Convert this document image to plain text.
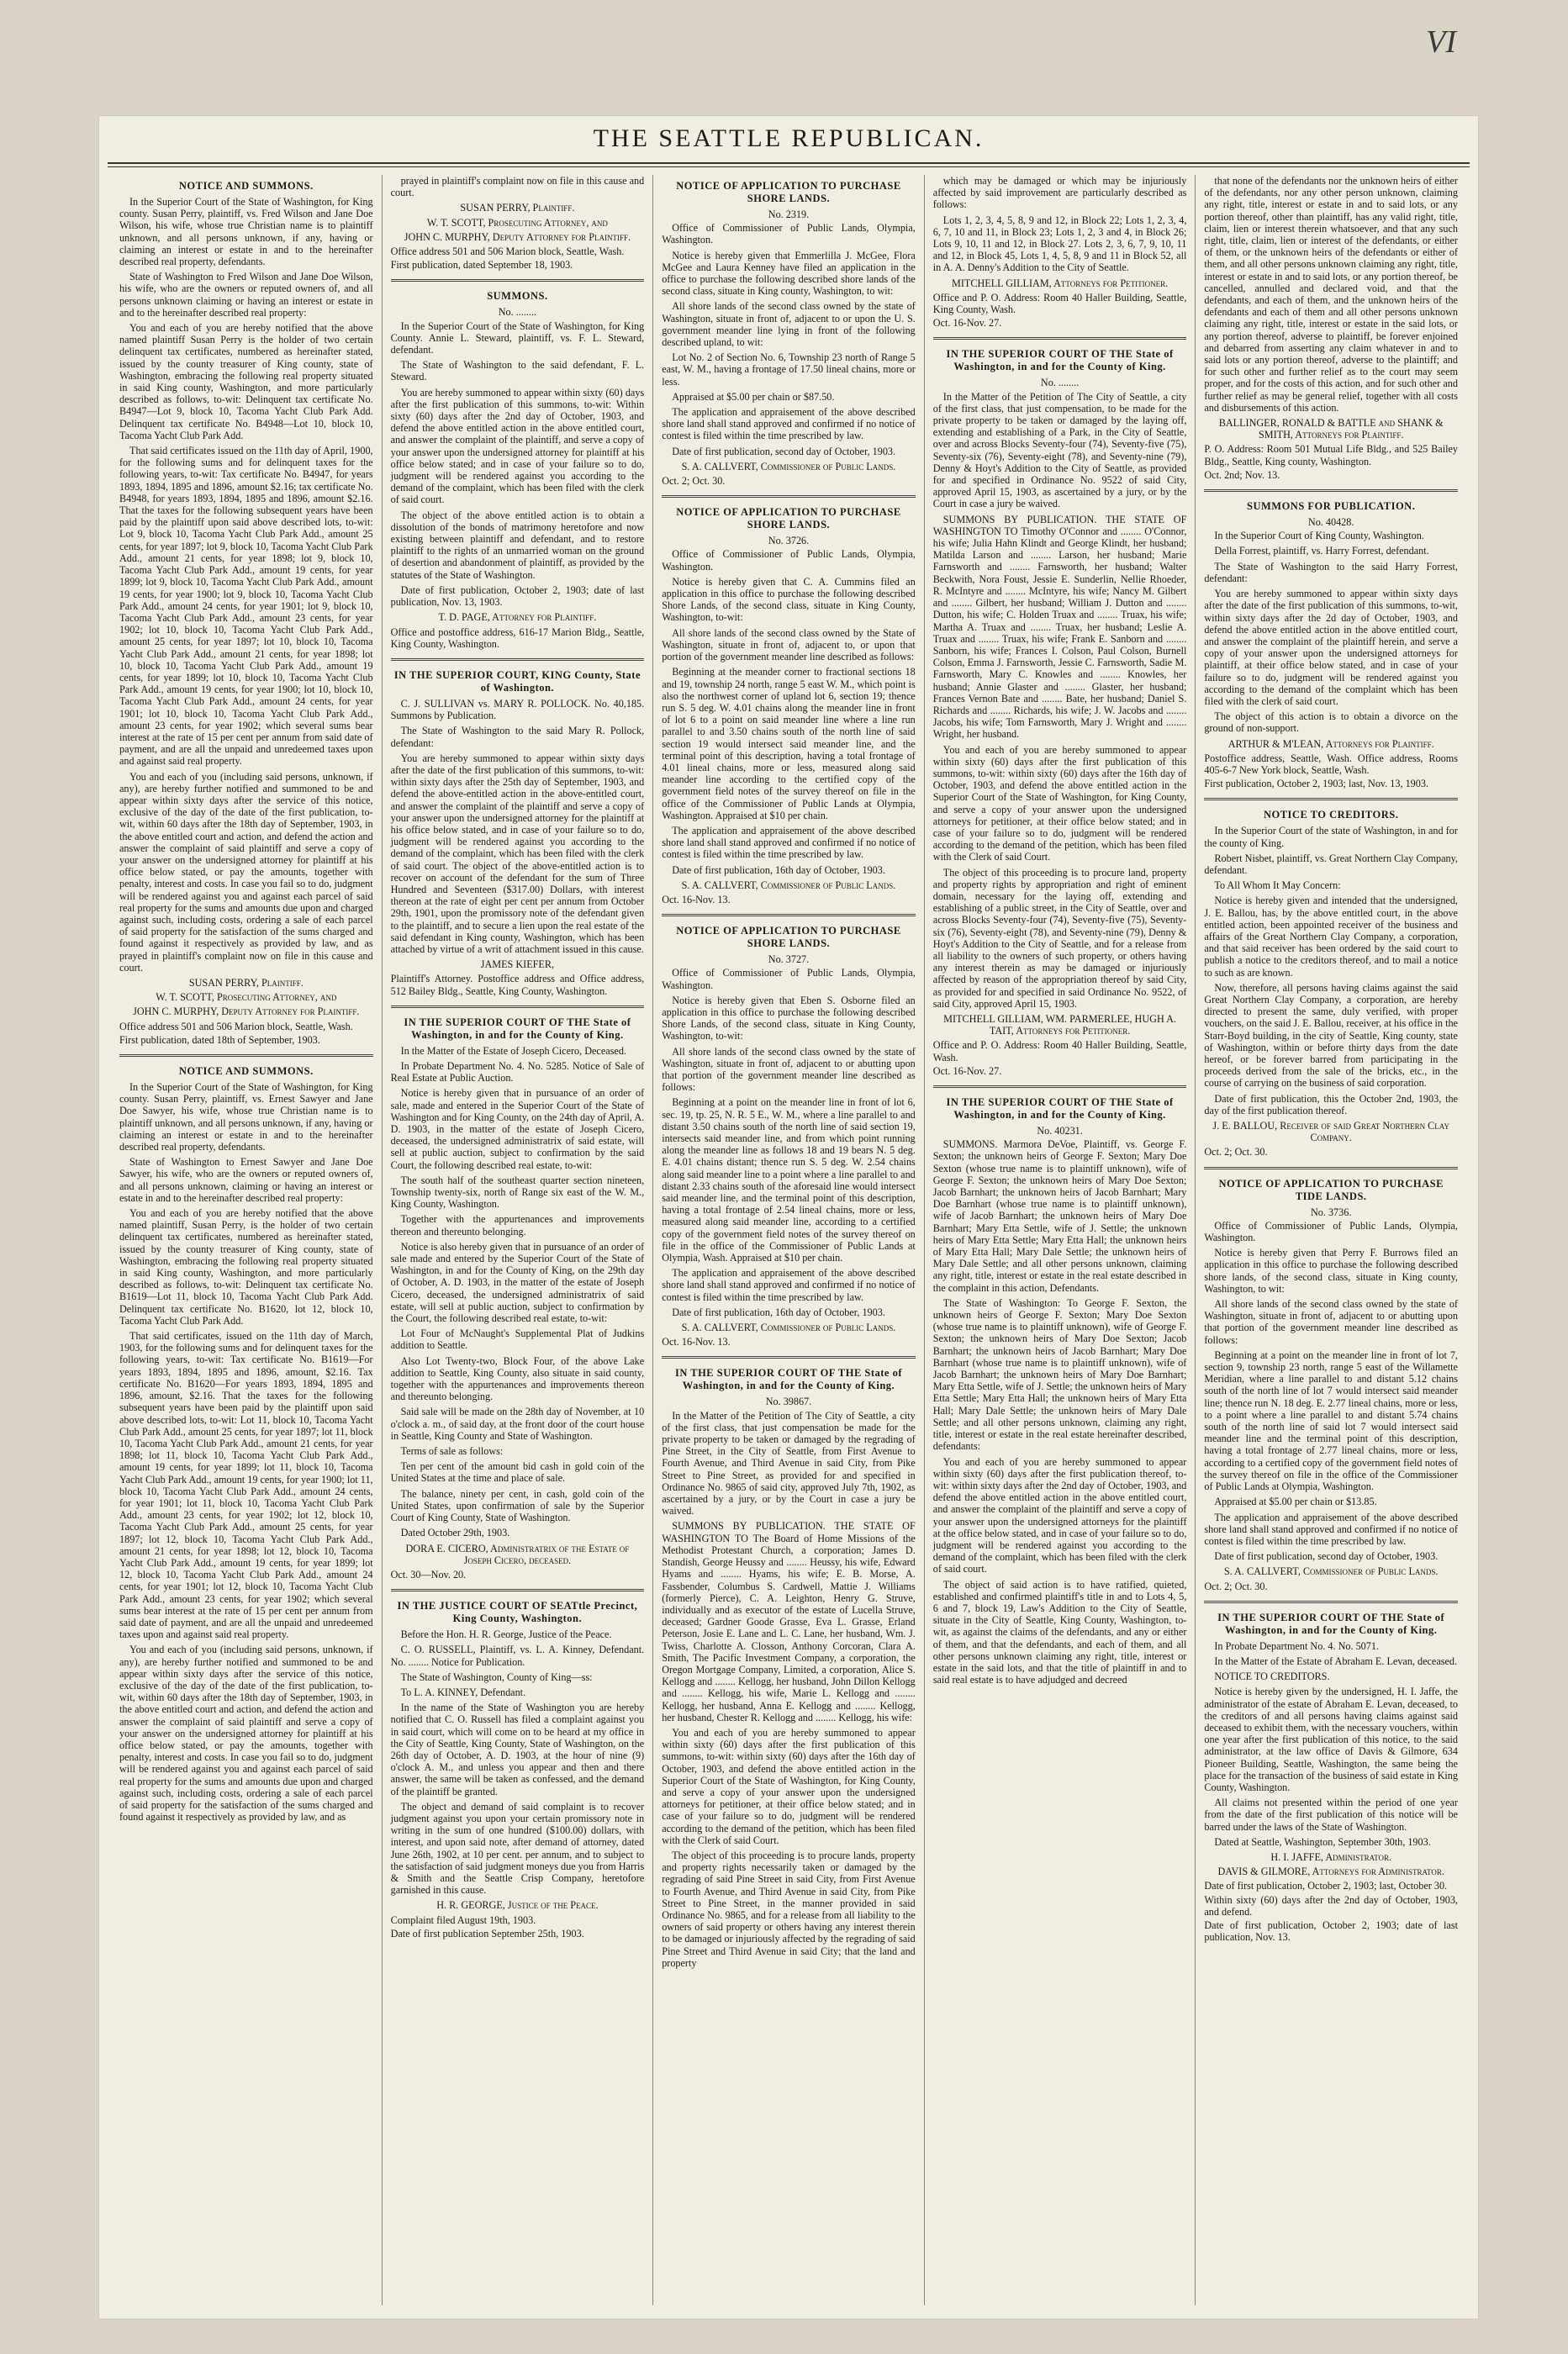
VI
THE SEATTLE REPUBLICAN.
NOTICE AND SUMMONS.

In the Superior Court of the State of Washington, for King county. Susan Perry, plaintiff, vs. Fred Wilson and Jane Doe Wilson, his wife, whose true Christian name is to plaintiff unknown, and all persons unknown, if any, having or claiming an interest or estate in and to the hereinafter described real property, defendants.

State of Washington to Fred Wilson and Jane Doe Wilson, his wife, who are the owners or reputed owners of, and all persons unknown claiming or having an interest or estate in and to the hereinafter described real property:

You and each of you are hereby notified that the above named plaintiff Susan Perry is the holder of two certain delinquent tax certificates, numbered as hereinafter stated, issued by the county treasurer of King county, state of Washington, embracing the following real property situated in said King county, Washington, and more particularly described as follows, to-wit: Delinquent tax certificate No. B4947—Lot 9, block 10, Tacoma Yacht Club Park Add. Delinquent tax certificate No. B4948—Lot 10, block 10, Tacoma Yacht Club Park Add.

That said certificates issued on the 11th day of April, 1900, for the following sums and for delinquent taxes for the following years, to-wit: Tax certificate No. B4947, for years 1893, 1894, 1895 and 1896, amount $2.16; tax certificate No. B4948, for years 1893, 1894, 1895 and 1896, amount $2.16. That the taxes for the following subsequent years have been paid by the plaintiff upon said above described lots, to-wit: Lot 9, block 10, Tacoma Yacht Club Park Add., amount 25 cents, for year 1897; lot 9, block 10, Tacoma Yacht Club Park Add., amount 21 cents, for year 1898; lot 9, block 10, Tacoma Yacht Club Park Add., amount 19 cents, for year 1899; lot 9, block 10, Tacoma Yacht Club Park Add., amount 19 cents, for year 1900; lot 9, block 10, Tacoma Yacht Club Park Add., amount 24 cents, for year 1901; lot 9, block 10, Tacoma Yacht Club Park Add., amount 23 cents, for year 1902; lot 10, block 10, Tacoma Yacht Club Park Add., amount 25 cents, for year 1897; lot 10, block 10, Tacoma Yacht Club Park Add., amount 21 cents, for year 1898; lot 10, block 10, Tacoma Yacht Club Park Add., amount 19 cents, for year 1899; lot 10, block 10, Tacoma Yacht Club Park Add., amount 19 cents, for year 1900; lot 10, block 10, Tacoma Yacht Club Park Add., amount 24 cents, for year 1901; lot 10, block 10, Tacoma Yacht Club Park Add., amount 23 cents, for year 1902; which several sums bear interest at the rate of 15 per cent per annum from said date of payment, and are all the unpaid and unredeemed taxes upon and against said real property.

You and each of you (including said persons, unknown, if any), are hereby further notified and summoned to be and appear within sixty days after the service of this notice, exclusive of the day of the date of the first publication, to-wit, within 60 days after the 18th day of September, 1903, in the above entitled court and action, and defend the action and answer the complaint of said plaintiff and serve a copy of your answer on the undersigned attorney for plaintiff at his office below stated, or pay the amounts, together with penalty, interest and costs. In case you fail so to do, judgment will be rendered against you and against each parcel of said real property for the sums and amounts due upon and charged against such, including costs, ordering a sale of each parcel of said property for the satisfaction of the sums charged and found against it respectively as provided by law, and as prayed in plaintiff's complaint now on file in this cause and court.

SUSAN PERRY, Plaintiff.
W. T. SCOTT, Prosecuting Attorney, and
JOHN C. MURPHY, Deputy Attorney for Plaintiff.

Office address 501 and 506 Marion block, Seattle, Wash.

First publication, dated 18th of September, 1903.

NOTICE AND SUMMONS.

In the Superior Court of the State of Washington, for King county. Susan Perry, plaintiff, vs. Ernest Sawyer and Jane Doe Sawyer, his wife, whose true Christian name is to plaintiff unknown, and all persons unknown, if any, having or claiming an interest or estate in and to the hereinafter described real property, defendants.

State of Washington to Ernest Sawyer and Jane Doe Sawyer, his wife, who are the owners or reputed owners of, and all persons unknown, claiming or having an interest or estate in and to the hereinafter described real property:

You and each of you are hereby notified that the above named plaintiff, Susan Perry, is the holder of two certain delinquent tax certificates, numbered as hereinafter stated, issued by the county treasurer of King county, state of Washington, embracing the following real property situated in said King county, Washington, and more particularly described as follows, to-wit: Delinquent tax certificate No. B1619—Lot 11, block 10, Tacoma Yacht Club Park Add. Delinquent tax certificate No. B1620, lot 12, block 10, Tacoma Yacht Club Park Add.

That said certificates, issued on the 11th day of March, 1903, for the following sums and for delinquent taxes for the following years, to-wit: Tax certificate No. B1619—For years 1893, 1894, 1895 and 1896, amount, $2.16. Tax certificate No. B1620—For years 1893, 1894, 1895 and 1896, amount, $2.16. That the taxes for the following subsequent years have been paid by the plaintiff upon said above described lots, to-wit: Lot 11, block 10, Tacoma Yacht Club Park Add., amount 25 cents, for year 1897; lot 11, block 10, Tacoma Yacht Club Park Add., amount 21 cents, for year 1898; lot 11, block 10, Tacoma Yacht Club Park Add., amount 19 cents, for year 1899; lot 11, block 10, Tacoma Yacht Club Park Add., amount 19 cents, for year 1900; lot 11, block 10, Tacoma Yacht Club Park Add., amount 24 cents, for year 1901; lot 11, block 10, Tacoma Yacht Club Park Add., amount 23 cents, for year 1902; lot 12, block 10, Tacoma Yacht Club Park Add., amount 25 cents, for year 1897; lot 12, block 10, Tacoma Yacht Club Park Add., amount 21 cents, for year 1898; lot 12, block 10, Tacoma Yacht Club Park Add., amount 19 cents, for year 1899; lot 12, block 10, Tacoma Yacht Club Park Add., amount 24 cents, for year 1901; lot 12, block 10, Tacoma Yacht Club Park Add., amount 23 cents, for year 1902; which several sums bear interest at the rate of 15 per cent per annum from said date of payment, and are all the unpaid and unredeemed taxes upon and against said real property.

You and each of you (including said persons, unknown, if any), are hereby further notified and summoned to be and appear within sixty days after the service of this notice, exclusive of the day of the date of the first publication, to-wit, within 60 days after the 18th day of September, 1903, in the above entitled court and action, and defend the action and answer the complaint of said plaintiff and serve a copy of your answer on the undersigned attorney for plaintiff at his office below stated, or pay the amounts, together with penalty, interest and costs. In case you fail so to do, judgment will be rendered against you and against each parcel of said real property for the sums and amounts due upon and charged against such, including costs, ordering a sale of each parcel of said property for the satisfaction of the sums charged and found against it respectively as provided by law, and as

prayed in plaintiff's complaint now on file in this cause and court.

SUSAN PERRY, Plaintiff.
W. T. SCOTT, Prosecuting Attorney, and
JOHN C. MURPHY, Deputy Attorney for Plaintiff.

Office address 501 and 506 Marion block, Seattle, Wash.

First publication, dated September 18, 1903.

SUMMONS.
No. ........

In the Superior Court of the State of Washington, for King County. Annie L. Steward, plaintiff, vs. F. L. Steward, defendant.

The State of Washington to the said defendant, F. L. Steward.

You are hereby summoned to appear within sixty (60) days after the first publication of this summons, to-wit: Within sixty (60) days after the 2nd day of October, 1903, and defend the above entitled action in the above entitled court, and answer the complaint of the plaintiff, and serve a copy of your answer upon the undersigned attorney for plaintiff at his office below stated; and in case of your failure so to do, judgment will be rendered against you according to the demand of the complaint, which has been filed with the clerk of said court.

The object of the above entitled action is to obtain a dissolution of the bonds of matrimony heretofore and now existing between plaintiff and defendant, and to restore plaintiff to the rights of an unmarried woman on the ground of desertion and abandonment of plaintiff, as provided by the statutes of the State of Washington.

Date of first publication, October 2, 1903; date of last publication, Nov. 13, 1903.

T. D. PAGE, Attorney for Plaintiff.

Office and postoffice address, 616-17 Marion Bldg., Seattle, King County, Washington.

IN THE SUPERIOR COURT, KING County, State of Washington.

C. J. SULLIVAN vs. MARY R. POLLOCK. No. 40,185. Summons by Publication.

The State of Washington to the said Mary R. Pollock, defendant:

You are hereby summoned to appear within sixty days after the date of the first publication of this summons, to-wit: within sixty days after the 25th day of September, 1903, and defend the above-entitled action in the above-entitled court, and answer the complaint of the plaintiff and serve a copy of your answer upon the undersigned attorney for the plaintiff at his office below stated, and in case of your failure so to do, judgment will be rendered against you according to the demand of the complaint, which has been filed with the clerk of said court. The object of the above-entitled action is to recover on account of the defendant for the sum of Three Hundred and Seventeen ($317.00) Dollars, with interest thereon at the rate of eight per cent per annum from October 29th, 1901, upon the promissory note of the defendant given to the plaintiff, and to secure a lien upon the real estate of the said defendant in King county, Washington, which has been attached by virtue of a writ of attachment issued in this cause.

JAMES KIEFER,

Plaintiff's Attorney. Postoffice address and Office address, 512 Bailey Bldg., Seattle, King County, Washington.

IN THE SUPERIOR COURT OF THE State of Washington, in and for the County of King.

In the Matter of the Estate of Joseph Cicero, Deceased.

In Probate Department No. 4. No. 5285. Notice of Sale of Real Estate at Public Auction.

Notice is hereby given that in pursuance of an order of sale, made and entered in the Superior Court of the State of Washington and for King County, on the 24th day of April, A. D. 1903, in the matter of the estate of Joseph Cicero, deceased, the undersigned administratrix of said estate, will sell at public auction, subject to confirmation by the said Court, the following described real estate, to-wit:

The south half of the southeast quarter section nineteen, Township twenty-six, north of Range six east of the W. M., King County, Washington.

Together with the appurtenances and improvements thereon and thereunto belonging.

Notice is also hereby given that in pursuance of an order of sale made and entered by the Superior Court of the State of Washington, in and for the County of King, on the 29th day of October, A. D. 1903, in the matter of the estate of Joseph Cicero, deceased, the undersigned administratrix of said estate, will sell at public auction, subject to confirmation by the Court, the following described real estate, to-wit:

Lot Four of McNaught's Supplemental Plat of Judkins addition to Seattle.

Also Lot Twenty-two, Block Four, of the above Lake addition to Seattle, King County, also situate in said county, together with the appurtenances and improvements thereon and thereunto belonging.

Said sale will be made on the 28th day of November, at 10 o'clock a. m., of said day, at the front door of the court house in Seattle, King County and State of Washington.

Terms of sale as follows:

Ten per cent of the amount bid cash in gold coin of the United States at the time and place of sale.

The balance, ninety per cent, in cash, gold coin of the United States, upon confirmation of sale by the Superior Court of King County, State of Washington.

Dated October 29th, 1903.

DORA E. CICERO, Administratrix of the Estate of Joseph Cicero, deceased.

Oct. 30—Nov. 20.

IN THE JUSTICE COURT OF SEATtle Precinct, King County, Washington.

Before the Hon. H. R. George, Justice of the Peace.

C. O. RUSSELL, Plaintiff, vs. L. A. Kinney, Defendant. No. ........ Notice for Publication.

The State of Washington, County of King—ss:

To L. A. KINNEY, Defendant.

In the name of the State of Washington you are hereby notified that C. O. Russell has filed a complaint against you in said court, which will come on to be heard at my office in the City of Seattle, King County, State of Washington, on the 26th day of October, A. D. 1903, at the hour of nine (9) o'clock A. M., and unless you appear and then and there answer, the same will be taken as confessed, and the demand of the plaintiff be granted.

The object and demand of said complaint is to recover judgment against you upon your certain promissory note in writing in the sum of one hundred ($100.00) dollars, with interest, and upon said note, after demand of attorney, dated June 26th, 1902, at 10 per cent. per annum, and to subject to the satisfaction of said judgment moneys due you from Harris & Smith and the Seattle Crisp Company, heretofore garnished in this cause.

H. R. GEORGE, Justice of the Peace.

Complaint filed August 19th, 1903.

Date of first publication September 25th, 1903.

NOTICE OF APPLICATION TO PURCHASE SHORE LANDS.
No. 2319.

Office of Commissioner of Public Lands, Olympia, Washington.

Notice is hereby given that Emmerlilla J. McGee, Flora McGee and Laura Kenney have filed an application in the office to purchase the following described shore lands of the second class, situate in King county, Washington, to wit:

All shore lands of the second class owned by the state of Washington, situate in front of, adjacent to or upon the U. S. government meander line lying in front of the following described upland, to wit:

Lot No. 2 of Section No. 6, Township 23 north of Range 5 east, W. M., having a frontage of 17.50 lineal chains, more or less.

Appraised at $5.00 per chain or $87.50.

The application and appraisement of the above described shore land shall stand approved and confirmed if no notice of contest is filed within the time prescribed by law.

Date of first publication, second day of October, 1903.

S. A. CALLVERT, Commissioner of Public Lands.

Oct. 2; Oct. 30.

NOTICE OF APPLICATION TO PURCHASE SHORE LANDS.
No. 3726.

Office of Commissioner of Public Lands, Olympia, Washington.

Notice is hereby given that C. A. Cummins filed an application in this office to purchase the following described Shore Lands, of the second class, situate in King County, Washington, to-wit:

All shore lands of the second class owned by the State of Washington, situate in front of, adjacent to, or upon that portion of the government meander line described as follows:

Beginning at the meander corner to fractional sections 18 and 19, township 24 north, range 5 east W. M., which point is also the northwest corner of upland lot 6, section 19; thence run S. 5 deg. W. 4.01 chains along the meander line in front of lot 6 to a point on said meander line where a line run parallel to and 3.50 chains south of the north line of said section 19 would intersect said meander line, and the terminal point of this description, having a total frontage of 4.01 lineal chains, more or less, measured along said meander line according to the certified copy of the government field notes of the survey thereof on file in the office of the Commissioner of Public Lands at Olympia, Washington. Appraised at $10 per chain.

The application and appraisement of the above described shore land shall stand approved and confirmed if no notice of contest is filed within the time prescribed by law.

Date of first publication, 16th day of October, 1903.

S. A. CALLVERT, Commissioner of Public Lands.

Oct. 16-Nov. 13.

NOTICE OF APPLICATION TO PURCHASE SHORE LANDS.
No. 3727.

Office of Commissioner of Public Lands, Olympia, Washington.

Notice is hereby given that Eben S. Osborne filed an application in this office to purchase the following described Shore Lands, of the second class, situate in King County, Washington, to-wit:

All shore lands of the second class owned by the state of Washington, situate in front of, adjacent to or abutting upon that portion of the government meander line described as follows:

Beginning at a point on the meander line in front of lot 6, sec. 19, tp. 25, N. R. 5 E., W. M., where a line parallel to and distant 3.50 chains south of the north line of said section 19, intersects said meander line, and from which point running along the meander line as follows 18 and 19 bears N. 5 deg. E. 4.01 chains distant; thence run S. 5 deg. W. 2.54 chains along said meander line to a point where a line parallel to and distant 2.33 chains south of the aforesaid line would intersect said meander line, and the terminal point of this description, having a total frontage of 2.54 lineal chains, more or less, measured along said meander line, according to a certified copy of the government field notes of the survey thereof on file in the office of the Commissioner of Public Lands at Olympia, Wash. Appraised at $10 per chain.

The application and appraisement of the above described shore land shall stand approved and confirmed if no notice of contest is filed within the time prescribed by law.

Date of first publication, 16th day of October, 1903.

S. A. CALLVERT, Commissioner of Public Lands.

Oct. 16-Nov. 13.

IN THE SUPERIOR COURT OF THE State of Washington, in and for the County of King.
No. 39867.

In the Matter of the Petition of The City of Seattle, a city of the first class, that just compensation be made for the private property to be taken or damaged by the regrading of Pine Street, in the City of Seattle, from First Avenue to Fourth Avenue, and Third Avenue in said City, from Pike Street to Pine Street, as provided for and specified in Ordinance No. 9865 of said city, approved July 7th, 1902, as ascertained by a jury, or by the Court in case a jury be waived.

SUMMONS BY PUBLICATION. THE STATE OF WASHINGTON TO The Board of Home Missions of the Methodist Protestant Church, a corporation; James D. Standish, George Heussy and ........ Heussy, his wife, Edward Hyams and ........ Hyams, his wife; E. B. Morse, A. Fassbender, Columbus S. Cardwell, Mattie J. Williams (formerly Pierce), C. A. Leighton, Henry G. Struve, individually and as executor of the estate of Lucella Struve, deceased; Gardner Goode Grasse, Eva L. Grasse, Erland Peterson, Josie E. Lane and L. C. Lane, her husband, Wm. J. Twiss, Charlotte A. Closson, Anthony Corcoran, Clara A. Smith, The Pacific Investment Company, a corporation, the Oregon Mortgage Company, Limited, a corporation, Alice S. Kellogg and ........ Kellogg, her husband, John Dillon Kellogg and ........ Kellogg, his wife, Marie L. Kellogg and ........ Kellogg, her husband, Anna E. Kellogg and ........ Kellogg, her husband, Chester R. Kellogg and ........ Kellogg, his wife:

You and each of you are hereby summoned to appear within sixty (60) days after the first publication of this summons, to-wit: within sixty (60) days after the 16th day of October, 1903, and defend the above entitled action in the Superior Court of the State of Washington, for King County, and serve a copy of your answer upon the undersigned attorneys for petitioner, at their office below stated; and in case of your failure so to do, judgment will be rendered according to the demand of the petition, which has been filed with the Clerk of said Court.

The object of this proceeding is to procure lands, property and property rights necessarily taken or damaged by the regrading of said Pine Street in said City, from First Avenue to Fourth Avenue, and Third Avenue in said City, from Pike Street to Pine Street, in the manner provided in said Ordinance No. 9865, and for a release from all liability to the owners of said property or others having any interest therein to be damaged or injuriously affected by the regrading of said Pine Street and Third Avenue in said City; that the land and property

which may be damaged or which may be injuriously affected by said improvement are particularly described as follows:

Lots 1, 2, 3, 4, 5, 8, 9 and 12, in Block 22; Lots 1, 2, 3, 4, 6, 7, 10 and 11, in Block 23; Lots 1, 2, 3 and 4, in Block 26; Lots 9, 10, 11 and 12, in Block 27. Lots 2, 3, 6, 7, 9, 10, 11 and 12, in Block 45, Lots 1, 4, 5, 8, 9 and 11 in Block 52, all in A. A. Denny's Addition to the City of Seattle.

MITCHELL GILLIAM, Attorneys for Petitioner.

Office and P. O. Address: Room 40 Haller Building, Seattle, King County, Wash.

Oct. 16-Nov. 27.

IN THE SUPERIOR COURT OF THE State of Washington, in and for the County of King.
No. ........

In the Matter of the Petition of The City of Seattle, a city of the first class, that just compensation, to be made for the private property to be taken or damaged by the laying off, extending and establishing of a Park, in the City of Seattle, over and across Blocks Seventy-four (74), Seventy-five (75), Seventy-six (76), Seventy-eight (78), and Seventy-nine (79), Denny & Hoyt's Addition to the City of Seattle, as provided for and specified in Ordinance No. 9522 of said City, approved April 15, 1903, as ascertained by a jury, or by the Court in case a jury be waived.

SUMMONS BY PUBLICATION. THE STATE OF WASHINGTON TO Timothy O'Connor and ........ O'Connor, his wife; Julia Hahn Klindt and George Klindt, her husband; Matilda Larson and ........ Larson, her husband; Marie Farnsworth and ........ Farnsworth, her husband; Walter Beckwith, Nora Foust, Jessie E. Sunderlin, Nellie Rhoeder, R. McIntyre and ........ McIntyre, his wife; Nancy M. Gilbert and ........ Gilbert, her husband; William J. Dutton and ........ Dutton, his wife; C. Holden Truax and ........ Truax, his wife; Martha A. Truax and ........ Truax, her husband; Leslie A. Truax and ........ Truax, his wife; Frank E. Sanborn and ........ Sanborn, his wife; Frances I. Colson, Paul Colson, Burnell Colson, Emma J. Farnsworth, Jessie C. Farnsworth, Sadie M. Farnsworth, Mary C. Knowles and ........ Knowles, her husband; Annie Glaster and ........ Glaster, her husband; Frances Vernon Bate and ........ Bate, her husband; Daniel S. Richards and ........ Richards, his wife; J. W. Jacobs and ........ Jacobs, his wife; Tom Farnsworth, Mary J. Wright and ........ Wright, her husband.

You and each of you are hereby summoned to appear within sixty (60) days after the first publication of this summons, to-wit: within sixty (60) days after the 16th day of October, 1903, and defend the above entitled action in the Superior Court of the State of Washington, for King County, and serve a copy of your answer upon the undersigned attorneys for petitioner, at their office below stated; and in case of your failure so to do, judgment will be rendered according to the demand of the petition, which has been filed with the Clerk of said Court.

The object of this proceeding is to procure land, property and property rights by appropriation and right of eminent domain, necessary for the laying off, extending and establishing of a public street, in the City of Seattle, over and across Blocks Seventy-four (74), Seventy-five (75), Seventy-six (76), Seventy-eight (78), and Seventy-nine (79), Denny & Hoyt's Addition to the City of Seattle, and for a release from all liability to the owners of such property, or others having any interest therein as may be damaged or injuriously affected by reason of the appropriation thereof by said City, as provided for and specified in said Ordinance No. 9522, of said City, approved April 15, 1903.

MITCHELL GILLIAM, WM. PARMERLEE, HUGH A. TAIT, Attorneys for Petitioner.

Office and P. O. Address: Room 40 Haller Building, Seattle, Wash.

Oct. 16-Nov. 27.

IN THE SUPERIOR COURT OF THE State of Washington, in and for the County of King.
No. 40231.

SUMMONS. Marmora DeVoe, Plaintiff, vs. George F. Sexton; the unknown heirs of George F. Sexton; Mary Doe Sexton (whose true name is to plaintiff unknown), wife of George F. Sexton; the unknown heirs of Mary Doe Sexton; Jacob Barnhart; the unknown heirs of Jacob Barnhart; Mary Doe Barnhart (whose true name is to plaintiff unknown), wife of Jacob Barnhart; the unknown heirs of Mary Doe Barnhart; Mary Etta Settle, wife of J. Settle; the unknown heirs of Mary Etta Settle; Mary Etta Hall; the unknown heirs of Mary Etta Hall; Mary Dale Settle; the unknown heirs of Mary Dale Settle; and all other persons unknown, claiming any right, title, interest or estate in the real estate described in the complaint in this action, Defendants.

The State of Washington: To George F. Sexton, the unknown heirs of George F. Sexton; Mary Doe Sexton (whose true name is to plaintiff unknown), wife of George F. Sexton; the unknown heirs of Mary Doe Sexton; Jacob Barnhart; the unknown heirs of Jacob Barnhart; Mary Doe Barnhart (whose true name is to plaintiff unknown), wife of Jacob Barnhart; the unknown heirs of Mary Doe Barnhart; Mary Etta Settle, wife of J. Settle; the unknown heirs of Mary Etta Settle; Mary Etta Hall; the unknown heirs of Mary Etta Hall; Mary Dale Settle; the unknown heirs of Mary Dale Settle; and all other persons unknown, claiming any right, title, interest or estate in the real estate hereinafter described, defendants:

You and each of you are hereby summoned to appear within sixty (60) days after the first publication thereof, to-wit: within sixty days after the 2nd day of October, 1903, and defend the above entitled action in the above entitled court, and answer the complaint of the plaintiff and serve a copy of your answer upon the undersigned attorneys for the plaintiff at the office below stated, and in case of your failure so to do, judgment will be rendered against you according to the demand of the complaint, which has been filed with the clerk of said court.

The object of said action is to have ratified, quieted, established and confirmed plaintiff's title in and to Lots 4, 5, 6 and 7, block 19, Law's Addition to the City of Seattle, situate in the City of Seattle, King County, Washington, to-wit, as against the claims of the defendants, and any or either of them, and that the defendants, and each of them, and all other persons unknown claiming any right, title, interest or estate in the said lots, and that the title of plaintiff in and to said real estate is to have adjudged and decreed

that none of the defendants nor the unknown heirs of either of the defendants, nor any other person unknown, claiming any right, title, interest or estate in and to said lots, or any portion thereof, other than plaintiff, has any valid right, title, claim, lien or interest therein whatsoever, and that any such right, title, claim, lien or interest of the defendants, or either of them, or the unknown heirs of the defendants or either of them, and all other persons unknown claiming any right, title, interest or estate in and to said lots, or any portion thereof, be cancelled, annulled and declared void, and that the defendants, and each of them, and the unknown heirs of the defendants and each of them and all other persons unknown claiming any right, title, interest or estate in the said lots, or any portion thereof, adverse to plaintiff, be forever enjoined and debarred from asserting any claim whatever in and to said lots or any portion thereof, adverse to the plaintiff; and for such other and further relief as to the court may seem proper, and for the costs of this action, and for such other and further relief as may be general relief, together with all costs and disbursements of this action.

BALLINGER, RONALD & BATTLE and SHANK & SMITH, Attorneys for Plaintiff.

P. O. Address: Room 501 Mutual Life Bldg., and 525 Bailey Bldg., Seattle, King county, Washington.

Oct. 2nd; Nov. 13.

SUMMONS FOR PUBLICATION.
No. 40428.

In the Superior Court of King County, Washington.

Della Forrest, plaintiff, vs. Harry Forrest, defendant.

The State of Washington to the said Harry Forrest, defendant:

You are hereby summoned to appear within sixty days after the date of the first publication of this summons, to-wit, within sixty days after the 2d day of October, 1903, and defend the above entitled action in the above entitled court, and answer the complaint of the plaintiff herein, and serve a copy of your answer upon the undersigned attorneys for plaintiff, at their office below stated, and in case of your failure so to do, judgment will be rendered against you according to the demand of the complaint which has been filed with the clerk of said court.

The object of this action is to obtain a divorce on the ground of non-support.

ARTHUR & M'LEAN, Attorneys for Plaintiff.

Postoffice address, Seattle, Wash. Office address, Rooms 405-6-7 New York block, Seattle, Wash.

First publication, October 2, 1903; last, Nov. 13, 1903.

NOTICE TO CREDITORS.

In the Superior Court of the state of Washington, in and for the county of King.

Robert Nisbet, plaintiff, vs. Great Northern Clay Company, defendant.

To All Whom It May Concern:

Notice is hereby given and intended that the undersigned, J. E. Ballou, has, by the above entitled court, in the above entitled action, been appointed receiver of the business and affairs of the Great Northern Clay Company, a corporation, and that said receiver has been ordered by the said court to publish a notice to the creditors thereof, and to mail a notice to such as are known.

Now, therefore, all persons having claims against the said Great Northern Clay Company, a corporation, are hereby directed to present the same, duly verified, with proper vouchers, on the said J. E. Ballou, receiver, at his office in the Starr-Boyd building, in the city of Seattle, King county, state of Washington, within or before thirty days from the date hereof, or be forever barred from participating in the proceeds derived from the sale of the bricks, etc., in the course of carrying on the business of said corporation.

Date of first publication, this the October 2nd, 1903, the day of the first publication thereof.

J. E. BALLOU, Receiver of said Great Northern Clay Company.

Oct. 2; Oct. 30.

NOTICE OF APPLICATION TO PURCHASE TIDE LANDS.
No. 3736.

Office of Commissioner of Public Lands, Olympia, Washington.

Notice is hereby given that Perry F. Burrows filed an application in this office to purchase the following described shore lands, of the second class, situate in King county, Washington, to wit:

All shore lands of the second class owned by the state of Washington, situate in front of, adjacent to or abutting upon that portion of the government meander line described as follows:

Beginning at a point on the meander line in front of lot 7, section 9, township 23 north, range 5 east of the Willamette Meridian, where a line parallel to and distant 5.12 chains south of the north line of lot 7 would intersect said meander line; thence run N. 18 deg. E. 2.77 lineal chains, more or less, to a point where a line parallel to and distant 5.74 chains south of the north line of said lot 7 would intersect said meander line and the terminal point of this description, having a total frontage of 2.77 lineal chains, more or less, according to a certified copy of the government field notes of the survey thereof on file in the office of the Commissioner of Public Lands at Olympia, Washington.

Appraised at $5.00 per chain or $13.85.

The application and appraisement of the above described shore land shall stand approved and confirmed if no notice of contest is filed within the time prescribed by law.

Date of first publication, second day of October, 1903.

S. A. CALLVERT, Commissioner of Public Lands.

Oct. 2; Oct. 30.

IN THE SUPERIOR COURT OF THE State of Washington, in and for the County of King.

In Probate Department No. 4. No. 5071.

In the Matter of the Estate of Abraham E. Levan, deceased.

NOTICE TO CREDITORS.

Notice is hereby given by the undersigned, H. I. Jaffe, the administrator of the estate of Abraham E. Levan, deceased, to the creditors of and all persons having claims against said deceased to exhibit them, with the necessary vouchers, within one year after the first publication of this notice, to the said administrator, at the law office of Davis & Gilmore, 634 Pioneer Building, Seattle, Washington, the same being the place for the transaction of the business of said estate in King County, Washington.

All claims not presented within the period of one year from the date of the first publication of this notice will be barred under the laws of the State of Washington.

Dated at Seattle, Washington, September 30th, 1903.

H. I. JAFFE, Administrator.
DAVIS & GILMORE, Attorneys for Administrator.

Date of first publication, October 2, 1903; last, October 30.

Within sixty (60) days after the 2nd day of October, 1903, and defend.

Date of first publication, October 2, 1903; date of last publication, Nov. 13.
